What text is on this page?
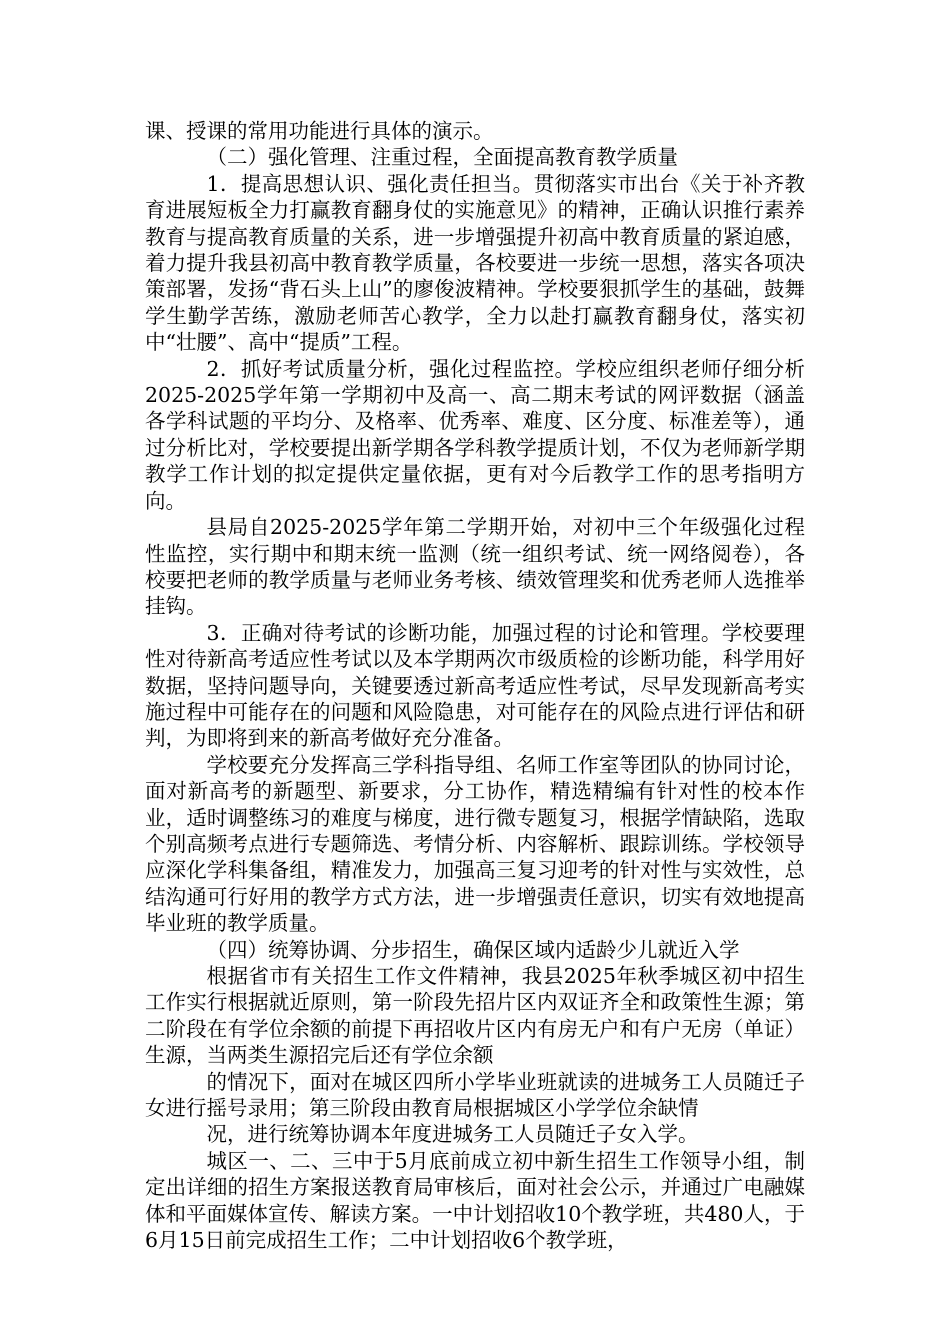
课、授课的常用功能进行具体的演示。

（二）强化管理、注重过程，全面提高教育教学质量

1．提高思想认识、强化责任担当。贯彻落实市出台《关于补齐教育进展短板全力打赢教育翻身仗的实施意见》的精神，正确认识推行素养教育与提高教育质量的关系，进一步增强提升初高中教育质量的紧迫感，着力提升我县初高中教育教学质量，各校要进一步统一思想，落实各项决策部署，发扬“背石头上山”的廖俊波精神。学校要狠抓学生的基础，鼓舞学生勤学苦练，激励老师苦心教学，全力以赴打赢教育翻身仗，落实初中“壮腰”、高中“提质”工程。

2．抓好考试质量分析，强化过程监控。学校应组织老师仔细分析2025-2025学年第一学期初中及高一、高二期末考试的网评数据（涵盖各学科试题的平均分、及格率、优秀率、难度、区分度、标准差等），通过分析比对，学校要提出新学期各学科教学提质计划，不仅为老师新学期教学工作计划的拟定提供定量依据，更有对今后教学工作的思考指明方向。

县局自2025-2025学年第二学期开始，对初中三个年级强化过程性监控，实行期中和期末统一监测（统一组织考试、统一网络阅卷），各校要把老师的教学质量与老师业务考核、绩效管理奖和优秀老师人选推举挂钩。

3．正确对待考试的诊断功能，加强过程的讨论和管理。学校要理性对待新高考适应性考试以及本学期两次市级质检的诊断功能，科学用好数据，坚持问题导向，关键要透过新高考适应性考试，尽早发现新高考实施过程中可能存在的问题和风险隐患，对可能存在的风险点进行评估和研判，为即将到来的新高考做好充分准备。

学校要充分发挥高三学科指导组、名师工作室等团队的协同讨论，面对新高考的新题型、新要求，分工协作，精选精编有针对性的校本作业，适时调整练习的难度与梯度，进行微专题复习，根据学情缺陷，选取个别高频考点进行专题筛选、考情分析、内容解析、跟踪训练。学校领导应深化学科集备组，精准发力，加强高三复习迎考的针对性与实效性，总结沟通可行好用的教学方式方法，进一步增强责任意识，切实有效地提高毕业班的教学质量。

（四）统筹协调、分步招生，确保区域内适龄少儿就近入学

根据省市有关招生工作文件精神，我县2025年秋季城区初中招生工作实行根据就近原则，第一阶段先招片区内双证齐全和政策性生源；第二阶段在有学位余额的前提下再招收片区内有房无户和有户无房（单证）生源，当两类生源招完后还有学位余额

的情况下，面对在城区四所小学毕业班就读的进城务工人员随迁子女进行摇号录用；第三阶段由教育局根据城区小学学位余缺情

况，进行统筹协调本年度进城务工人员随迁子女入学。

城区一、二、三中于5月底前成立初中新生招生工作领导小组，制定出详细的招生方案报送教育局审核后，面对社会公示，并通过广电融媒体和平面媒体宣传、解读方案。一中计划招收10个教学班，共480人，于6月15日前完成招生工作；二中计划招收6个教学班，
